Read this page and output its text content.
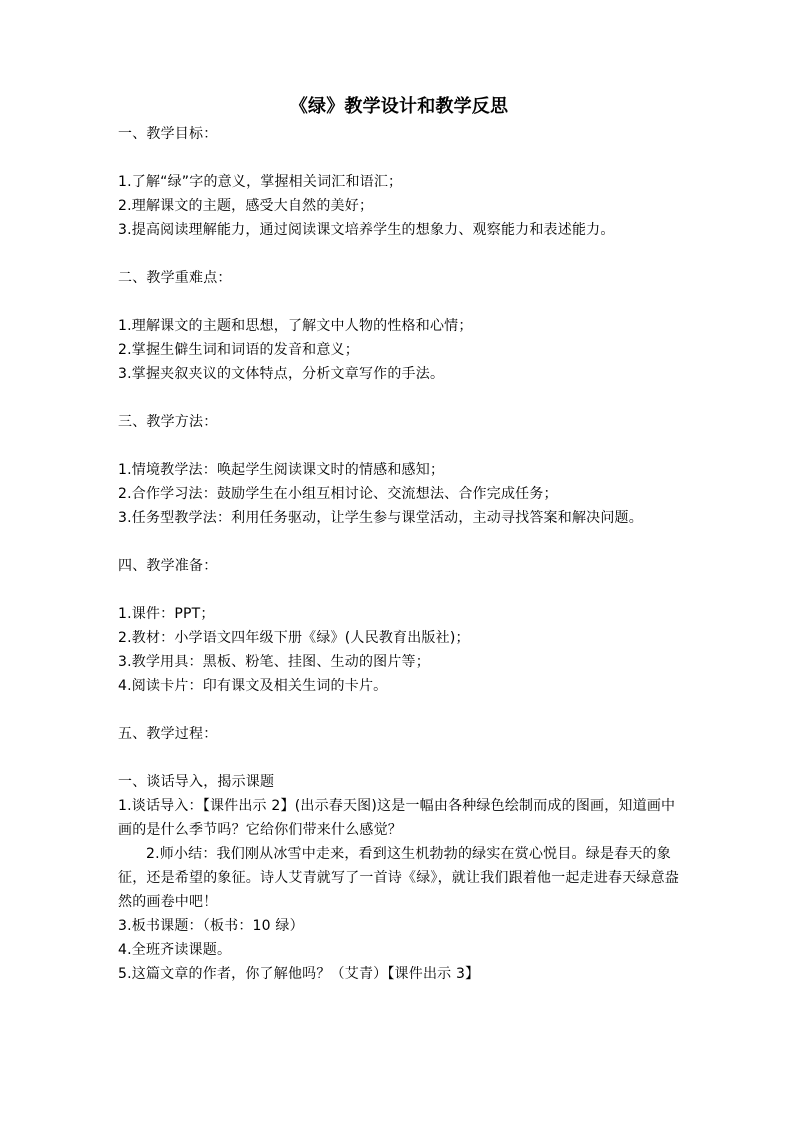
《绿》教学设计和教学反思

一、教学目标：

1.了解“绿”字的意义，掌握相关词汇和语汇；

2.理解课文的主题，感受大自然的美好；

3.提高阅读理解能力，通过阅读课文培养学生的想象力、观察能力和表述能力。

二、教学重难点：

1.理解课文的主题和思想，了解文中人物的性格和心情；

2.掌握生僻生词和词语的发音和意义；

3.掌握夹叙夹议的文体特点，分析文章写作的手法。

三、教学方法：

1.情境教学法：唤起学生阅读课文时的情感和感知；

2.合作学习法：鼓励学生在小组互相讨论、交流想法、合作完成任务；

3.任务型教学法：利用任务驱动，让学生参与课堂活动，主动寻找答案和解决问题。

四、教学准备：

1.课件：PPT；

2.教材：小学语文四年级下册《绿》(人民教育出版社)；

3.教学用具：黑板、粉笔、挂图、生动的图片等；

4.阅读卡片：印有课文及相关生词的卡片。

五、教学过程：

一、谈话导入，揭示课题

1.谈话导入：【课件出示 2】(出示春天图)这是一幅由各种绿色绘制而成的图画，知道画中画的是什么季节吗？它给你们带来什么感觉？

2.师小结：我们刚从冰雪中走来，看到这生机勃勃的绿实在赏心悦目。绿是春天的象征，还是希望的象征。诗人艾青就写了一首诗《绿》，就让我们跟着他一起走进春天绿意盎然的画卷中吧！

3.板书课题：（板书：10 绿）

4.全班齐读课题。

5.这篇文章的作者，你了解他吗？（艾青）【课件出示 3】
